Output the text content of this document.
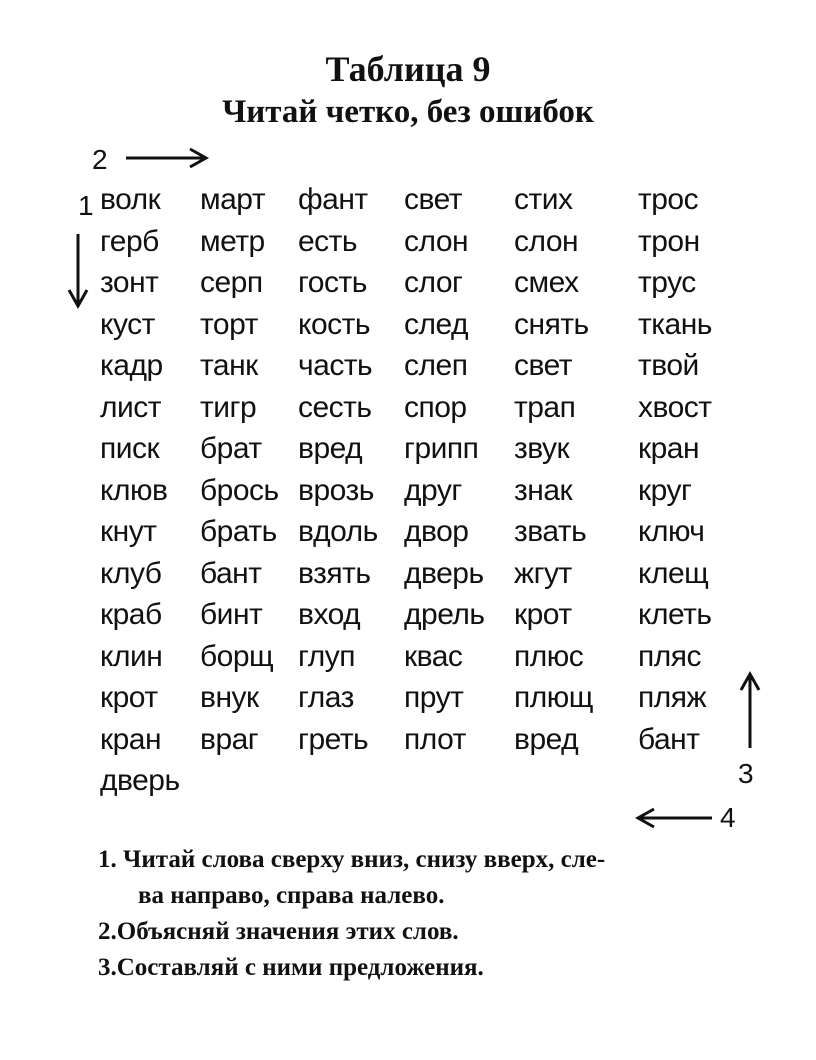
Таблица 9
Читай четко, без ошибок
2
1
3
4
волк
герб
зонт
куст
кадр
лист
писк
клюв
кнут
клуб
краб
клин
крот
кран
дверь
март
метр
серп
торт
танк
тигр
брат
брось
брать
бант
бинт
борщ
внук
враг
фант
есть
гость
кость
часть
сесть
вред
врозь
вдоль
взять
вход
глуп
глаз
греть
свет
слон
слог
след
слеп
спор
грипп
друг
двор
дверь
дрель
квас
прут
плот
стих
слон
смех
снять
свет
трап
звук
знак
звать
жгут
крот
плюс
плющ
вред
трос
трон
трус
ткань
твой
хвост
кран
круг
ключ
клещ
клеть
пляс
пляж
бант
1. Читай слова сверху вниз, снизу вверх, сле-
ва направо, справа налево.
2.Объясняй значения этих слов.
3.Составляй с ними предложения.
